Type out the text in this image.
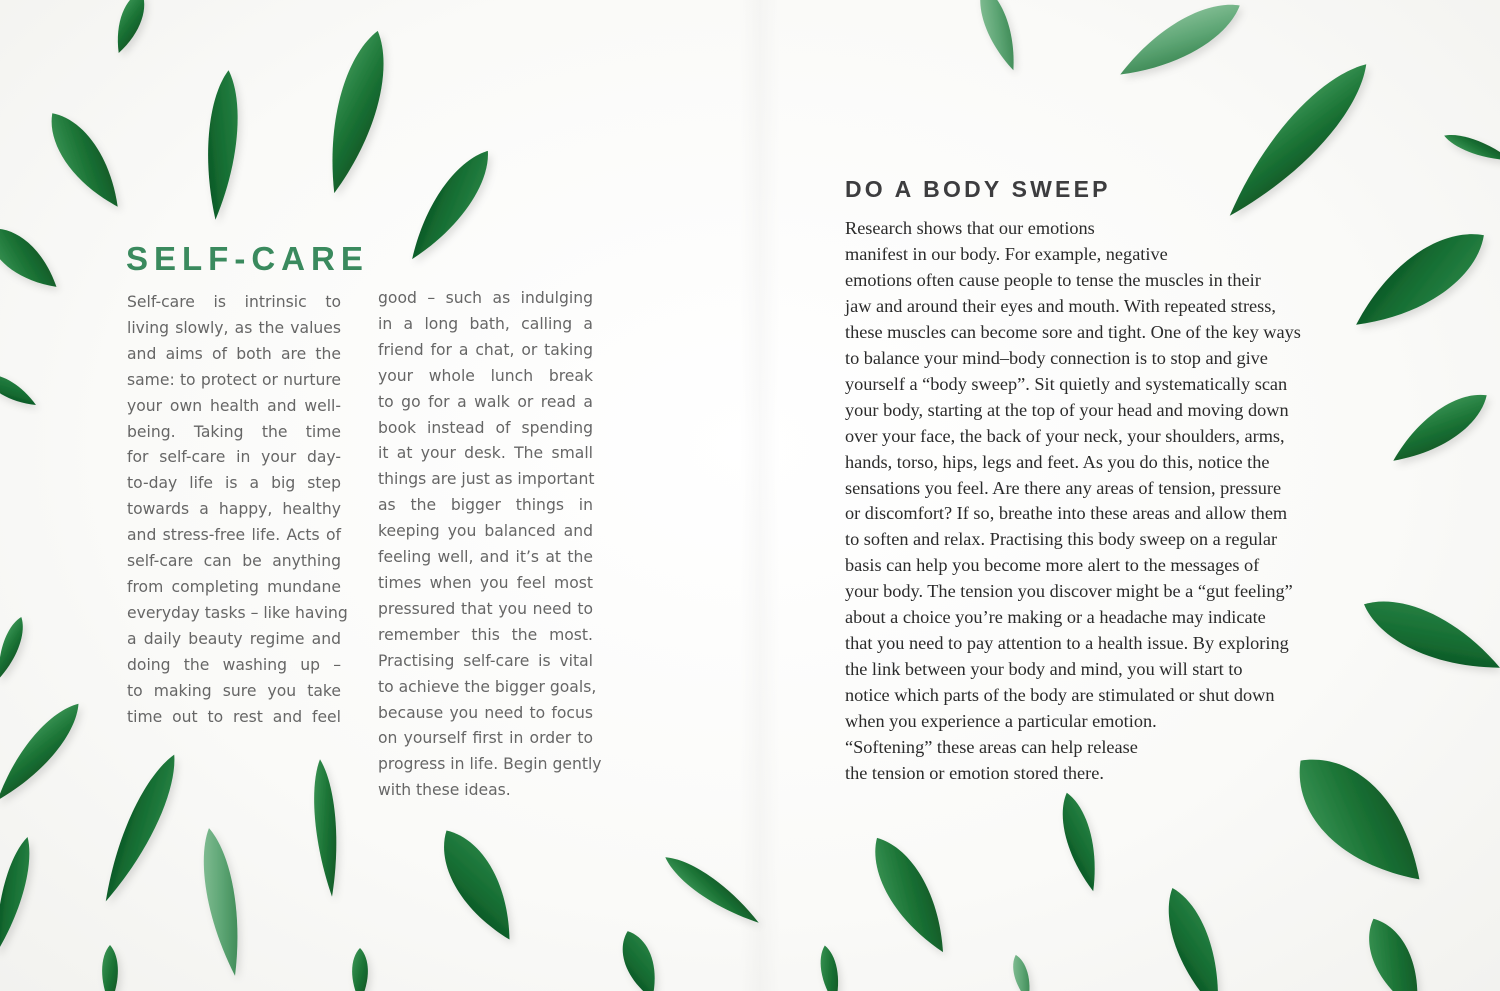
SELF-CARE
Self-care is intrinsic to
living slowly, as the values
and aims of both are the
same: to protect or nurture
your own health and well-
being. Taking the time
for self-care in your day-
to-day life is a big step
towards a happy, healthy
and stress-free life. Acts of
self-care can be anything
from completing mundane
everyday tasks – like having
a daily beauty regime and
doing the washing up –
to making sure you take
time out to rest and feel
good – such as indulging
in a long bath, calling a
friend for a chat, or taking
your whole lunch break
to go for a walk or read a
book instead of spending
it at your desk. The small
things are just as important
as the bigger things in
keeping you balanced and
feeling well, and it’s at the
times when you feel most
pressured that you need to
remember this the most.
Practising self-care is vital
to achieve the bigger goals,
because you need to focus
on yourself first in order to
progress in life. Begin gently
with these ideas.
DO A BODY SWEEP
Research shows that our emotions
manifest in our body. For example, negative
emotions often cause people to tense the muscles in their
jaw and around their eyes and mouth. With repeated stress,
these muscles can become sore and tight. One of the key ways
to balance your mind–body connection is to stop and give
yourself a “body sweep”. Sit quietly and systematically scan
your body, starting at the top of your head and moving down
over your face, the back of your neck, your shoulders, arms,
hands, torso, hips, legs and feet. As you do this, notice the
sensations you feel. Are there any areas of tension, pressure
or discomfort? If so, breathe into these areas and allow them
to soften and relax. Practising this body sweep on a regular
basis can help you become more alert to the messages of
your body. The tension you discover might be a “gut feeling”
about a choice you’re making or a headache may indicate
that you need to pay attention to a health issue. By exploring
the link between your body and mind, you will start to
notice which parts of the body are stimulated or shut down
when you experience a particular emotion.
“Softening” these areas can help release
the tension or emotion stored there.
